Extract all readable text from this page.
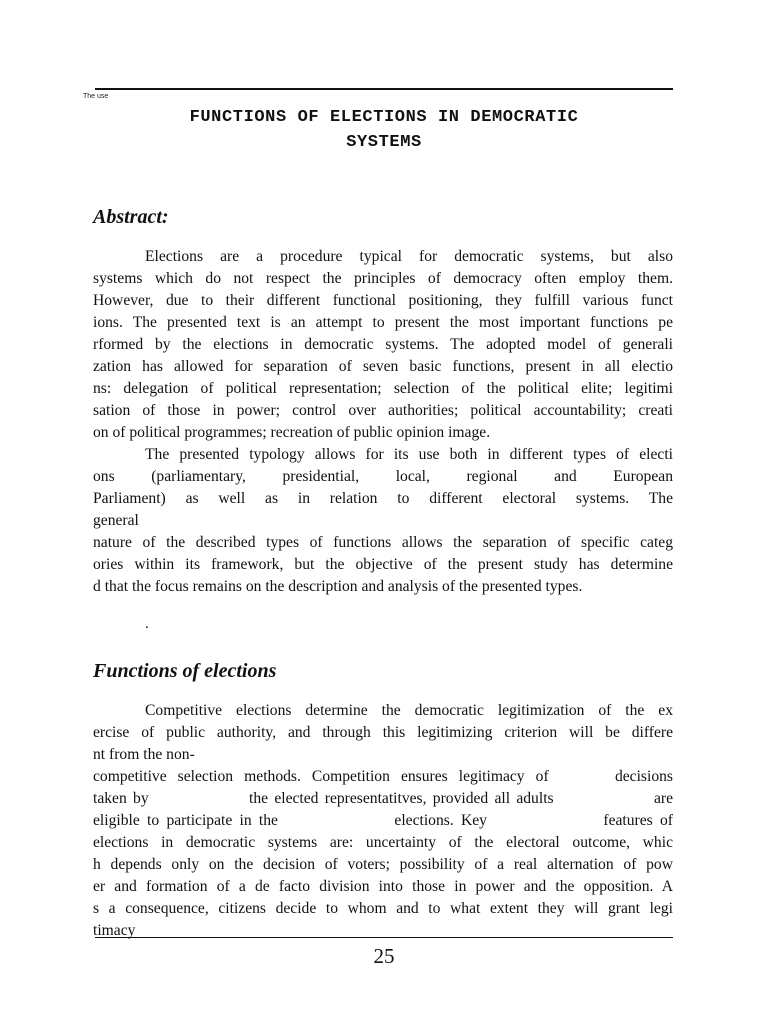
The use
FUNCTIONS OF ELECTIONS IN DEMOCRATIC
SYSTEMS
Abstract:
Elections are a procedure typical for democratic systems, but also
systems which do not respect the principles of democracy often employ them.
However, due to their different functional positioning, they fulfill various funct
ions. The presented text is an attempt to present the most important functions pe
rformed by the elections in democratic systems. The adopted model of generali
zation has allowed for separation of seven basic functions, present in all electio
ns: delegation of political representation; selection of the political elite; legitimi
sation of those in power; control over authorities; political accountability; creati
on of political programmes; recreation of public opinion image.
The presented typology allows for its use both in different types of electi
ons (parliamentary, presidential, local, regional and European
Parliament) as well as in relation to different electoral systems. The
general
nature of the described types of functions allows the separation of specific categ
ories within its framework, but the objective of the present study has determine
d that the focus remains on the description and analysis of the presented types.
.
Functions of elections
Competitive elections determine the democratic legitimization of the ex
ercise of public authority, and through this legitimizing criterion will be differe
nt from the non-
competitive selection methods. Competition ensures legitimacy of      decisions
taken by                the elected representatitves, provided all adults                are
eligible to participate in the                elections. Key                features of
elections in democratic systems are: uncertainty of the electoral outcome, whic
h depends only on the decision of voters; possibility of a real alternation of pow
er and formation of a de facto division into those in power and the opposition. A
s a consequence, citizens decide to whom and to what extent they will grant legi
timacy
25
